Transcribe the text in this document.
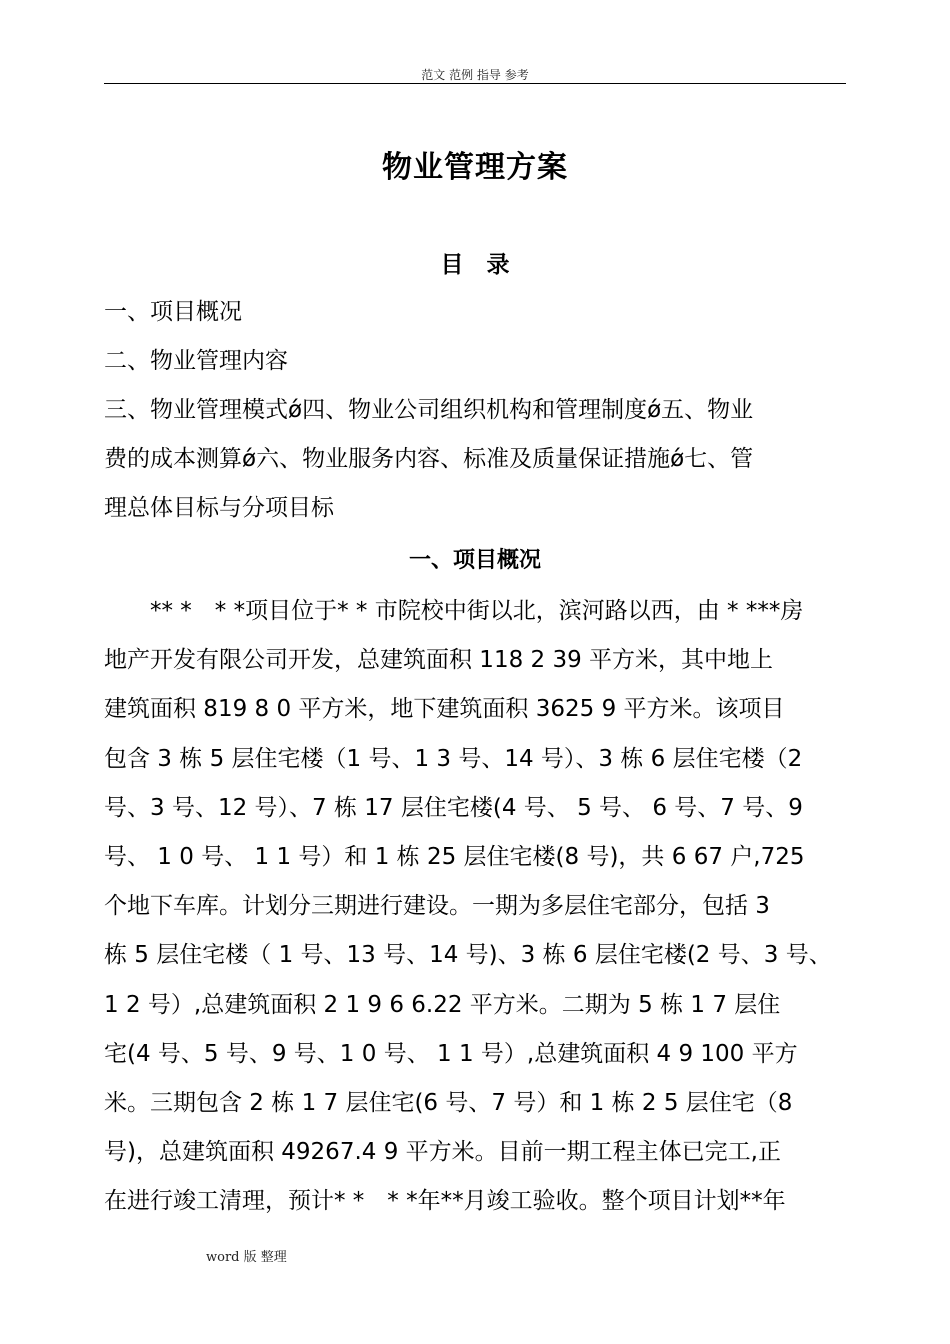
范文 范例 指导 参考
物业管理方案
目　录
一、项目概况
二、物业管理内容
三、物业管理模式ǿ四、物业公司组织机构和管理制度ǿ五、物业
费的成本测算ǿ六、物业服务内容、标准及质量保证措施ǿ七、管
理总体目标与分项目标
一、项目概况
　　** *　* *项目位于* * 市院校中街以北，滨河路以西，由 * ***房
地产开发有限公司开发，总建筑面积 118 2 39 平方米，其中地上
建筑面积 819 8 0 平方米，地下建筑面积 3625 9 平方米。该项目
包含 3 栋 5 层住宅楼（1 号、1 3 号、14 号）、3 栋 6 层住宅楼（2
号、3 号、12 号）、7 栋 17 层住宅楼(4 号、 5 号、 6 号、7 号、9
号、 1 0 号、 1 1 号）和 1 栋 25 层住宅楼(8 号)，共 6 67 户,725
个地下车库。计划分三期进行建设。一期为多层住宅部分，包括 3
栋 5 层住宅楼（ 1 号、13 号、14 号)、3 栋 6 层住宅楼(2 号、3 号、
1 2 号）,总建筑面积 2 1 9 6 6.22 平方米。二期为 5 栋 1 7 层住
宅(4 号、5 号、9 号、1 0 号、 1 1 号）,总建筑面积 4 9 100 平方
米。三期包含 2 栋 1 7 层住宅(6 号、7 号）和 1 栋 2 5 层住宅（8
号)，总建筑面积 49267.4 9 平方米。目前一期工程主体已完工,正
在进行竣工清理，预计* *　* *年**月竣工验收。整个项目计划**年
word 版 整理
